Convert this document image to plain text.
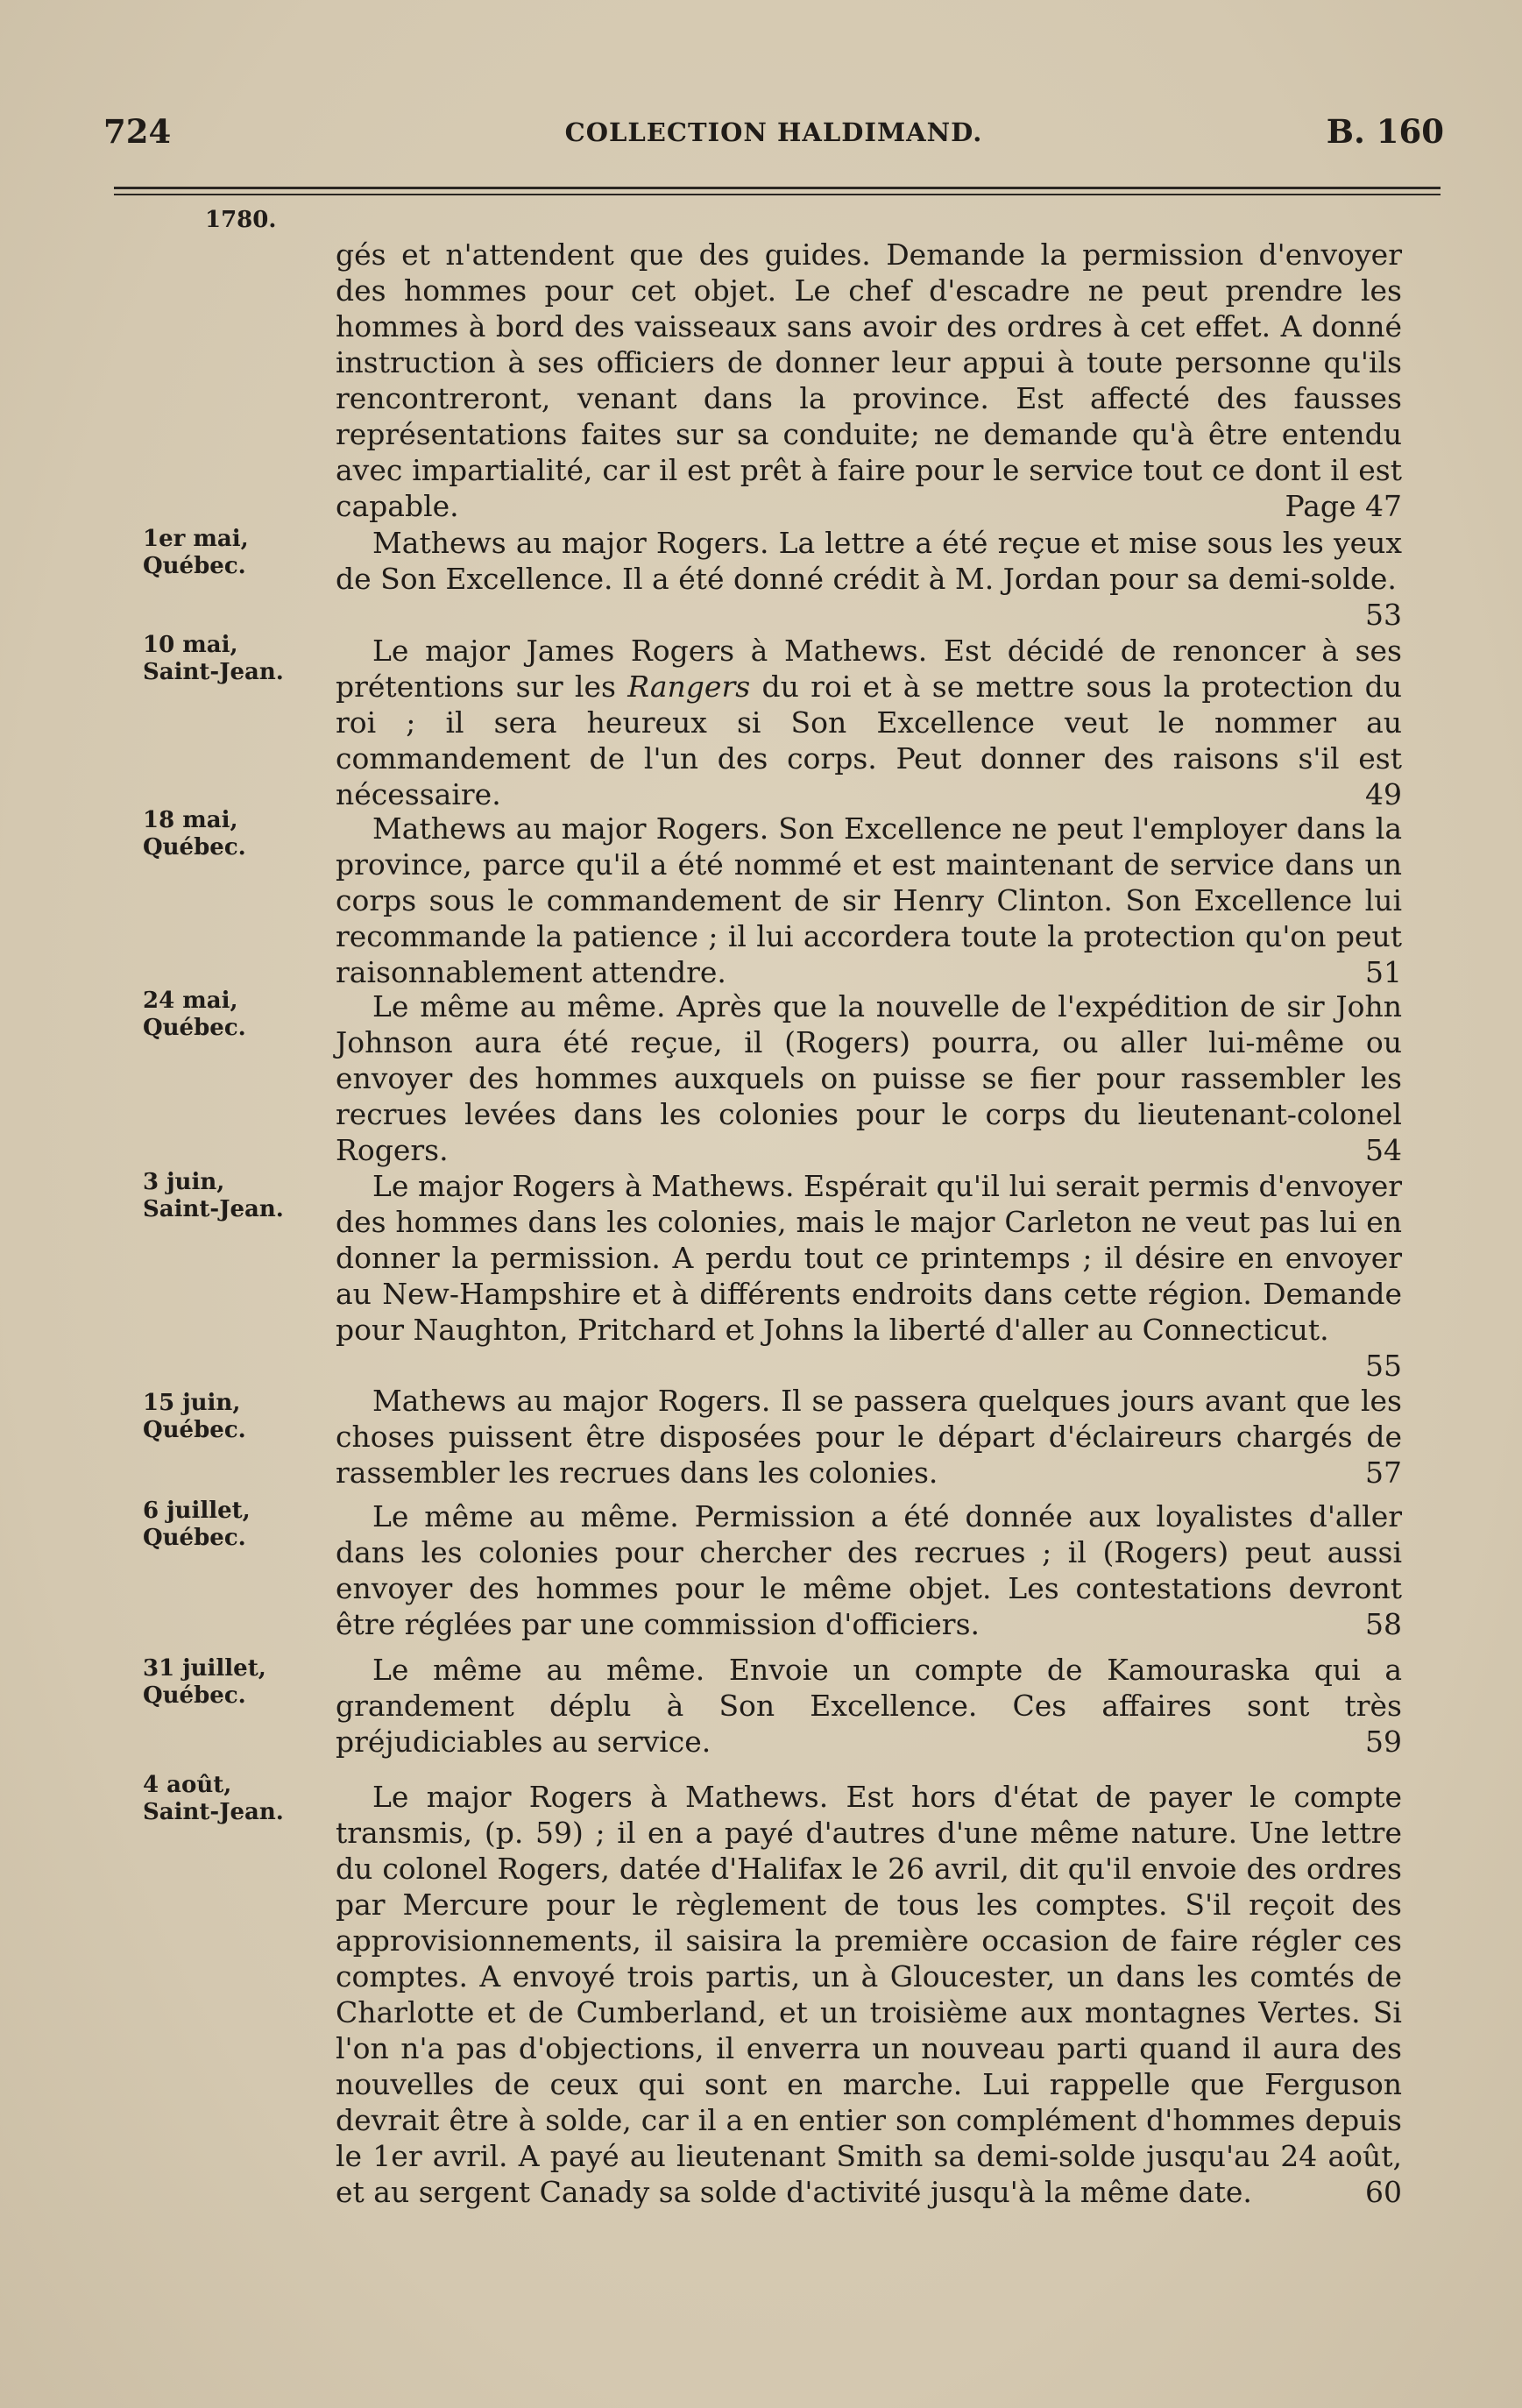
724	COLLECTION HALDIMAND.	B. 160
1780.

gés et n'attendent que des guides. Demande la permission d'envoyer des hommes pour cet objet. Le chef d'escadre ne peut prendre les hommes à bord des vaisseaux sans avoir des ordres à cet effet. A donné instruction à ses officiers de donner leur appui à toute personne qu'ils rencontreront, venant dans la province. Est affecté des fausses représentations faites sur sa conduite; ne demande qu'à être entendu avec impartialité, car il est prêt à faire pour le service tout ce dont il est capable.	Page 47

1er mai,
Québec.

Mathews au major Rogers. La lettre a été reçue et mise sous les yeux de Son Excellence. Il a été donné crédit à M. Jordan pour sa demi-solde.
53

10 mai,
Saint-Jean.

Le major James Rogers à Mathews. Est décidé de renoncer à ses prétentions sur les Rangers du roi et à se mettre sous la protection du roi ; il sera heureux si Son Excellence veut le nommer au commandement de l'un des corps. Peut donner des raisons s'il est nécessaire.	49

18 mai,
Québec.

Mathews au major Rogers. Son Excellence ne peut l'employer dans la province, parce qu'il a été nommé et est maintenant de service dans un corps sous le commandement de sir Henry Clinton. Son Excellence lui recommande la patience ; il lui accordera toute la protection qu'on peut raisonnablement attendre.	51

24 mai,
Québec.

Le même au même. Après que la nouvelle de l'expédition de sir John Johnson aura été reçue, il (Rogers) pourra, ou aller lui-même ou envoyer des hommes auxquels on puisse se fier pour rassembler les recrues levées dans les colonies pour le corps du lieutenant-colonel Rogers.	54

3 juin,
Saint-Jean.

Le major Rogers à Mathews. Espérait qu'il lui serait permis d'envoyer des hommes dans les colonies, mais le major Carleton ne veut pas lui en donner la permission. A perdu tout ce printemps ; il désire en envoyer au New-Hampshire et à différents endroits dans cette région. Demande pour Naughton, Pritchard et Johns la liberté d'aller au Connecticut.
55

15 juin,
Québec.

Mathews au major Rogers. Il se passera quelques jours avant que les choses puissent être disposées pour le départ d'éclaireurs chargés de rassembler les recrues dans les colonies.	57

6 juillet,
Québec.

Le même au même. Permission a été donnée aux loyalistes d'aller dans les colonies pour chercher des recrues ; il (Rogers) peut aussi envoyer des hommes pour le même objet. Les contestations devront être réglées par une commission d'officiers.	58

31 juillet,
Québec.

Le même au même. Envoie un compte de Kamouraska qui a grandement déplu à Son Excellence. Ces affaires sont très préjudiciables au service.	59

4 août,
Saint-Jean.	Le major Rogers à Mathews. Est hors d'état de payer le compte transmis, (p. 59) ; il en a payé d'autres d'une même nature. Une lettre du colonel Rogers, datée d'Halifax le 26 avril, dit qu'il envoie des ordres par Mercure pour le règlement de tous les comptes. S'il reçoit des approvisionnements, il saisira la première occasion de faire régler ces comptes. A envoyé trois partis, un à Gloucester, un dans les comtés de Charlotte et de Cumberland, et un troisième aux montagnes Vertes. Si l'on n'a pas d'objections, il enverra un nouveau parti quand il aura des nouvelles de ceux qui sont en marche. Lui rappelle que Ferguson devrait être à solde, car il a en entier son complément d'hommes depuis le 1er avril. A payé au lieutenant Smith sa demi-solde jusqu'au 24 août, et au sergent Canady sa solde d'activité jusqu'à la même date.	60
